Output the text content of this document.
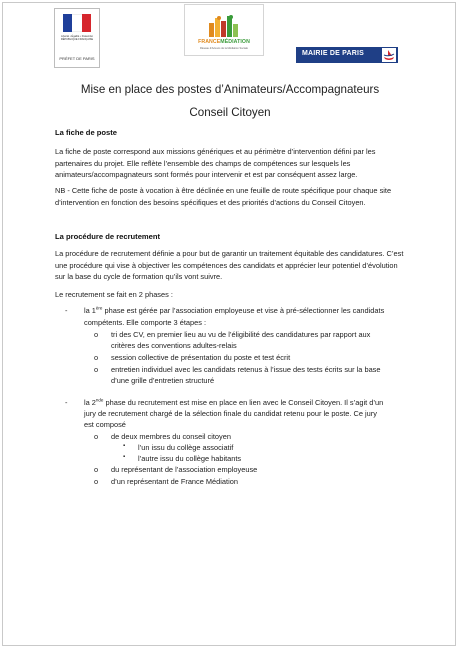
Liberté • Égalité • Fraternité RÉPUBLIQUE FRANÇAISE
PRÉFET DE PARIS
FRANCEMÉDIATION
Réseau d'Acteurs de la Médiation Sociale
MAIRIE DE PARIS
Mise en place des postes d’Animateurs/Accompagnateurs
Conseil Citoyen
La fiche de poste
La fiche de poste correspond aux missions génériques et au périmètre d’intervention défini par les partenaires du projet. Elle reflète l’ensemble des champs de compétences sur lesquels les animateurs/accompagnateurs sont formés pour intervenir et est par conséquent assez large.
NB - Cette fiche de poste à vocation à être déclinée en une feuille de route spécifique pour chaque site d’intervention en fonction des besoins spécifiques et des priorités d’actions du Conseil Citoyen.
La procédure de recrutement
La procédure de recrutement définie a pour but de garantir un traitement équitable des candidatures. C’est une procédure qui vise à objectiver les compétences des candidats et apprécier leur potentiel d’évolution sur la base du cycle de formation qu’ils vont suivre.
Le recrutement se fait en 2 phases :
- la 1ère phase est gérée par l’association employeuse et vise à pré-sélectionner les candidats
compétents. Elle comporte 3 étapes :
o tri des CV, en premier lieu au vu de l’éligibilité des candidatures par rapport aux
critères des conventions adultes-relais
o session collective de présentation du poste et test écrit
o entretien individuel avec les candidats retenus à l’issue des tests écrits sur la base
d’une grille d’entretien structuré
- la 2nde phase du recrutement est mise en place en lien avec le Conseil Citoyen. Il s’agit d’un
jury de recrutement chargé de la sélection finale du candidat retenu pour le poste. Ce jury
est composé
o de deux membres du conseil citoyen
▪ l’un issu du collège associatif
▪ l’autre issu du collège habitants
o du représentant de l’association employeuse
o d’un représentant de France Médiation
